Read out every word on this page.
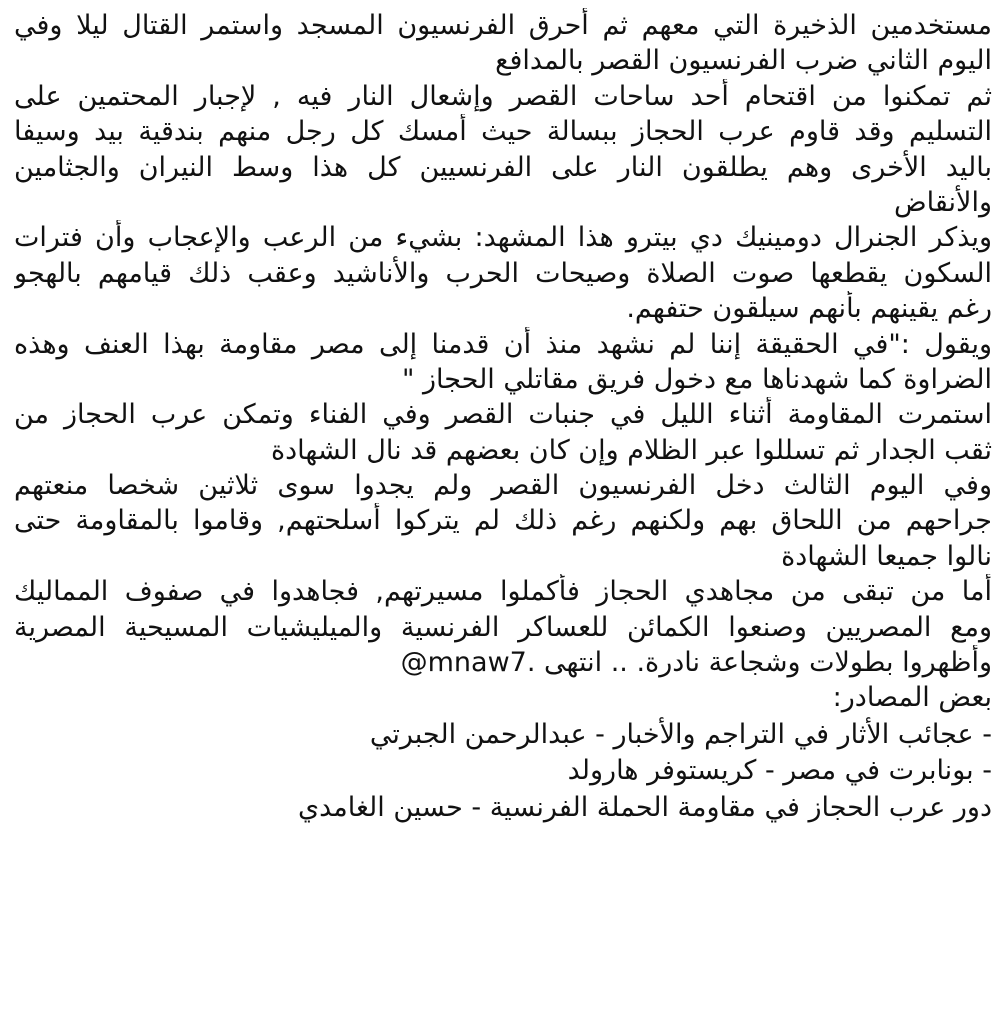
مستخدمين الذخيرة التي معهم ثم أحرق الفرنسيون المسجد واستمر القتال ليلا وفي
اليوم الثاني ضرب الفرنسيون القصر بالمدافع
ثم تمكنوا من اقتحام أحد ساحات القصر وإشعال النار فيه , لإجبار المحتمين على
التسليم وقد قاوم عرب الحجاز ببسالة حيث أمسك كل رجل منهم بندقية بيد وسيفا
باليد الأخرى وهم يطلقون النار على الفرنسيين كل هذا وسط النيران والجثامين
والأنقاض
ويذكر الجنرال دومينيك دي بيترو هذا المشهد: بشيء من الرعب والإعجاب وأن فترات
السكون يقطعها صوت الصلاة وصيحات الحرب والأناشيد وعقب ذلك قيامهم بالهجو
رغم يقينهم بأنهم سيلقون حتفهم.
ويقول :"في الحقيقة إننا لم نشهد منذ أن قدمنا إلى مصر مقاومة بهذا العنف وهذه
الضراوة كما شهدناها مع دخول فريق مقاتلي الحجاز "
استمرت المقاومة أثناء الليل في جنبات القصر وفي الفناء وتمكن عرب الحجاز من
ثقب الجدار ثم تسللوا عبر الظلام وإن كان بعضهم قد نال الشهادة
وفي اليوم الثالث دخل الفرنسيون القصر ولم يجدوا سوى ثلاثين شخصا منعتهم
جراحهم من اللحاق بهم ولكنهم رغم ذلك لم يتركوا أسلحتهم, وقاموا بالمقاومة حتى
نالوا جميعا الشهادة
أما من تبقى من مجاهدي الحجاز فأكملوا مسيرتهم, فجاهدوا في صفوف المماليك
ومع المصريين وصنعوا الكمائن للعساكر الفرنسية والميليشيات المسيحية المصرية
وأظهروا بطولات وشجاعة نادرة. .. انتهى @mnaw7.
بعض المصادر:
- عجائب الأثار في التراجم والأخبار - عبدالرحمن الجبرتي
- بونابرت في مصر - كريستوفر هارولد
دور عرب الحجاز في مقاومة الحملة الفرنسية - حسين الغامدي
